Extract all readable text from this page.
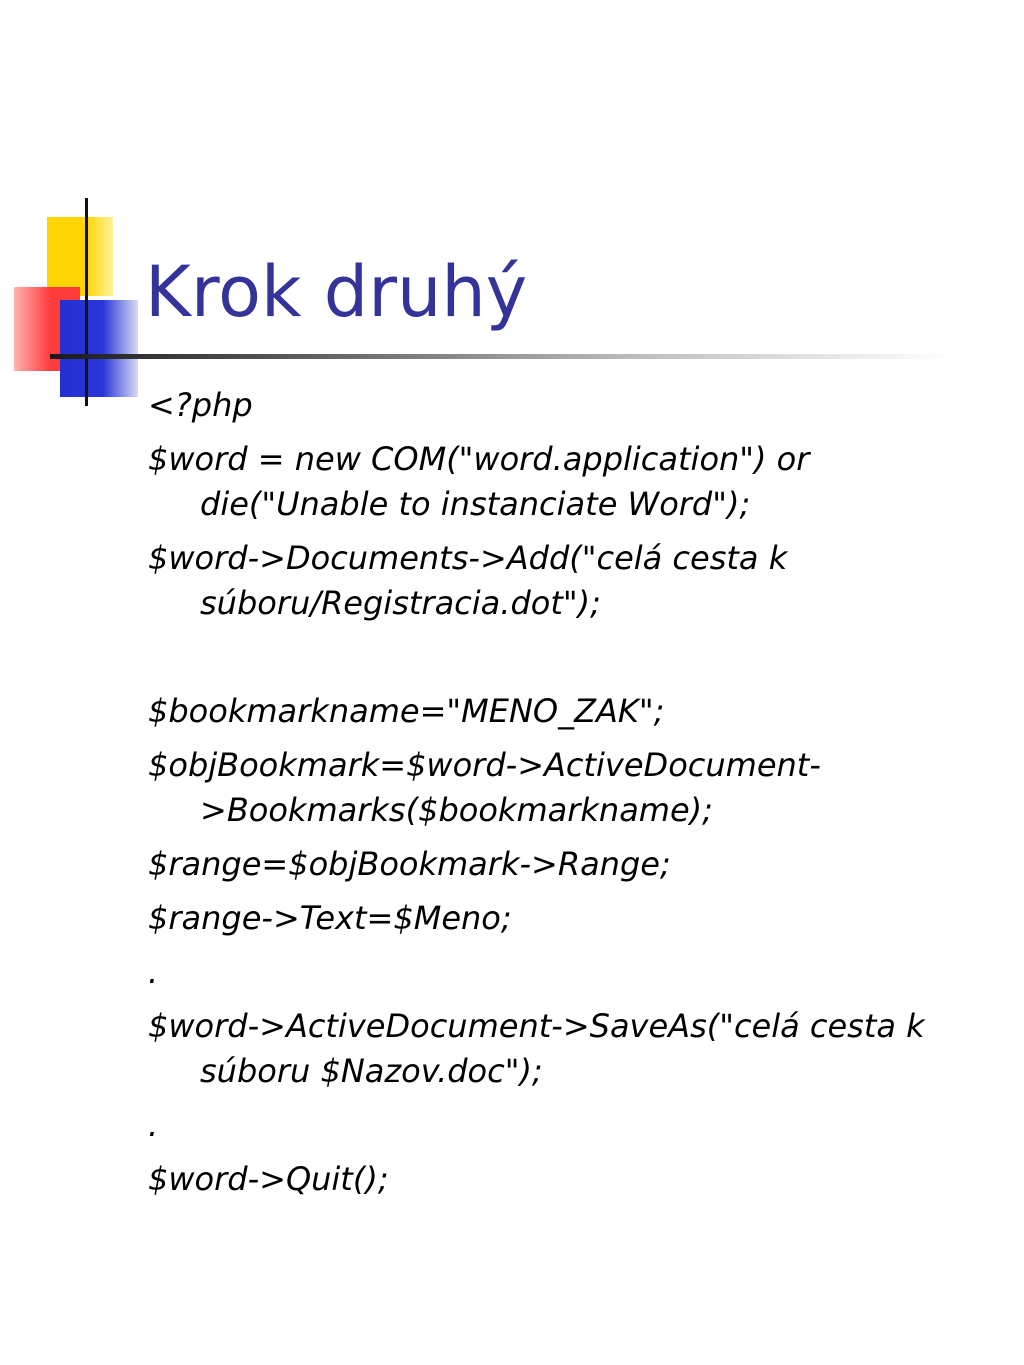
Krok druhý
<?php
$word = new COM("word.application") or die("Unable to instanciate Word");
$word->Documents->Add("celá cesta k súboru/Registracia.dot");
$bookmarkname="MENO_ZAK";
$objBookmark=$word->ActiveDocument->Bookmarks($bookmarkname);
$range=$objBookmark->Range;
$range->Text=$Meno;
.
$word->ActiveDocument->SaveAs("celá cesta k súboru $Nazov.doc");
.
$word->Quit();
